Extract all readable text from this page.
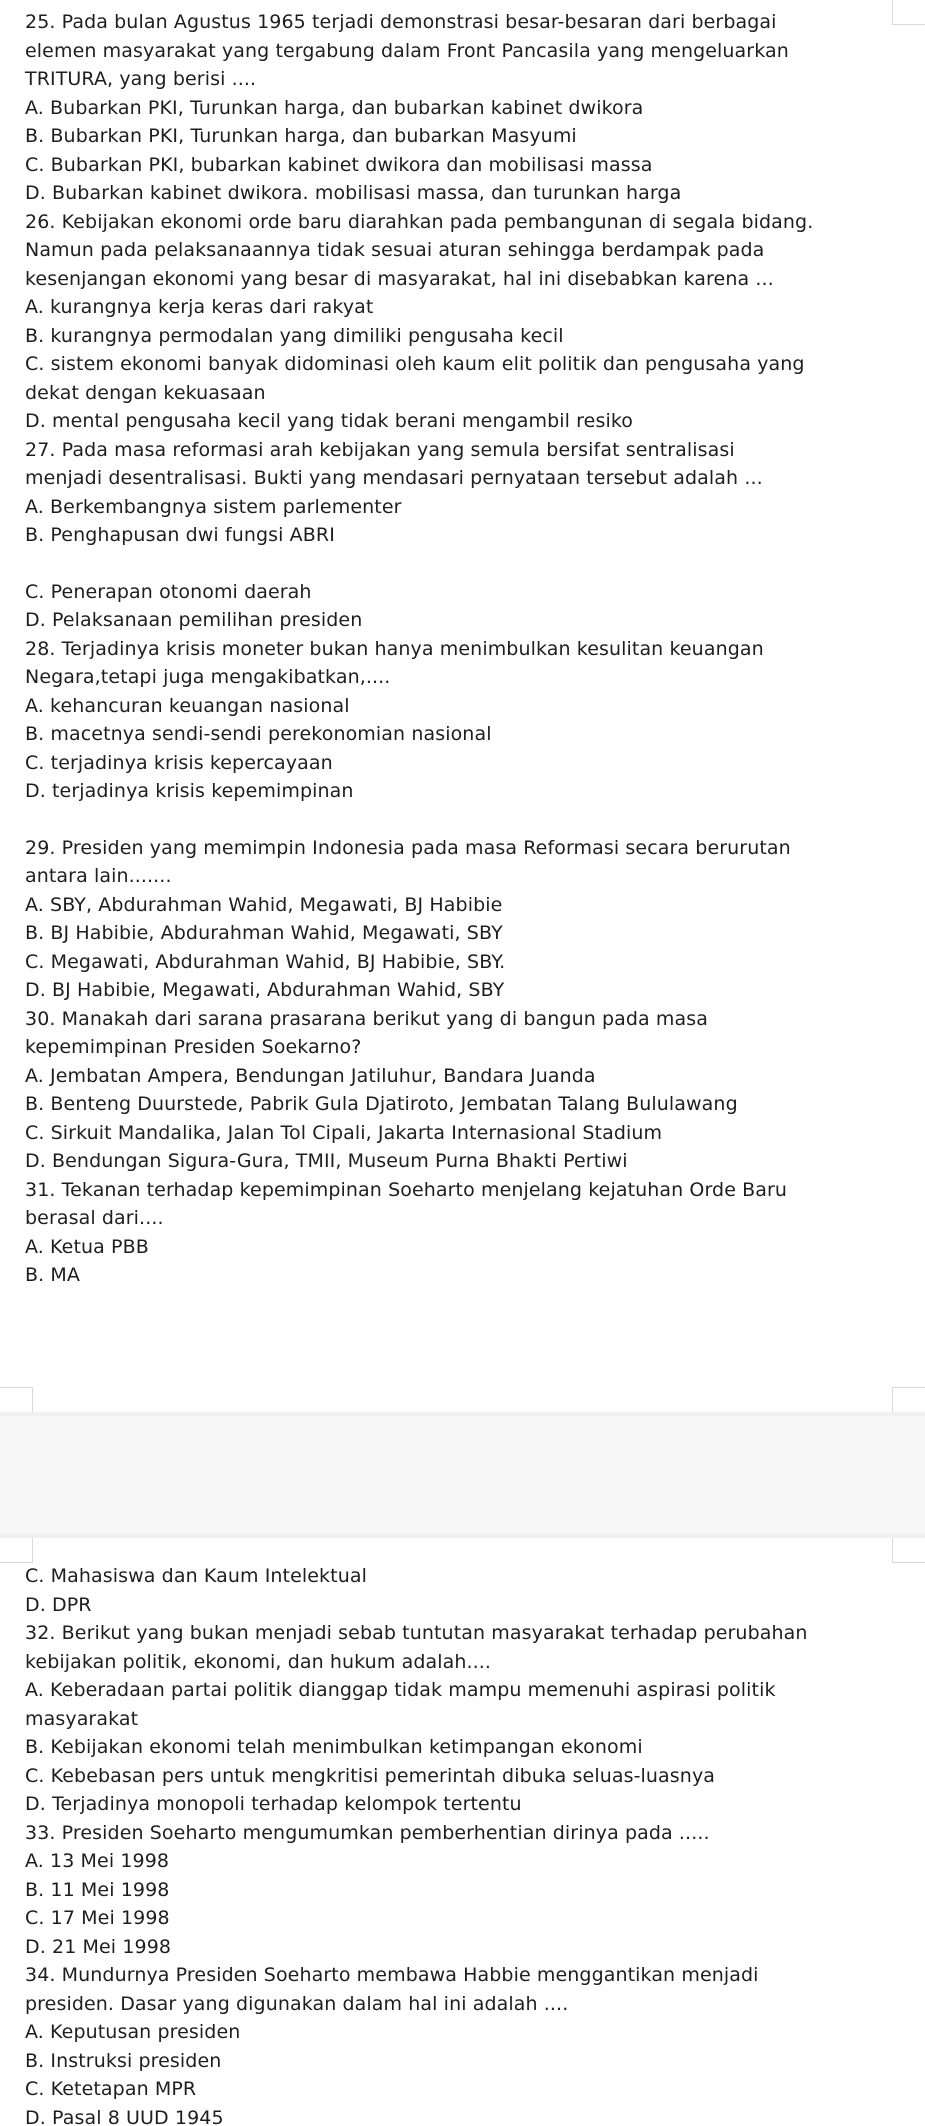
25. Pada bulan Agustus 1965 terjadi demonstrasi besar-besaran dari berbagai
elemen masyarakat yang tergabung dalam Front Pancasila yang mengeluarkan
TRITURA, yang berisi ....
A. Bubarkan PKI, Turunkan harga, dan bubarkan kabinet dwikora
B. Bubarkan PKI, Turunkan harga, dan bubarkan Masyumi
C. Bubarkan PKI, bubarkan kabinet dwikora dan mobilisasi massa
D. Bubarkan kabinet dwikora. mobilisasi massa, dan turunkan harga
26. Kebijakan ekonomi orde baru diarahkan pada pembangunan di segala bidang.
Namun pada pelaksanaannya tidak sesuai aturan sehingga berdampak pada
kesenjangan ekonomi yang besar di masyarakat, hal ini disebabkan karena ...
A. kurangnya kerja keras dari rakyat
B. kurangnya permodalan yang dimiliki pengusaha kecil
C. sistem ekonomi banyak didominasi oleh kaum elit politik dan pengusaha yang
dekat dengan kekuasaan
D. mental pengusaha kecil yang tidak berani mengambil resiko
27. Pada masa reformasi arah kebijakan yang semula bersifat sentralisasi
menjadi desentralisasi. Bukti yang mendasari pernyataan tersebut adalah ...
A. Berkembangnya sistem parlementer
B. Penghapusan dwi fungsi ABRI
C. Penerapan otonomi daerah
D. Pelaksanaan pemilihan presiden
28. Terjadinya krisis moneter bukan hanya menimbulkan kesulitan keuangan
Negara,tetapi juga mengakibatkan,....
A. kehancuran keuangan nasional
B. macetnya sendi-sendi perekonomian nasional
C. terjadinya krisis kepercayaan
D. terjadinya krisis kepemimpinan
29. Presiden yang memimpin Indonesia pada masa Reformasi secara berurutan
antara lain.......
A. SBY, Abdurahman Wahid, Megawati, BJ Habibie
B. BJ Habibie, Abdurahman Wahid, Megawati, SBY
C. Megawati, Abdurahman Wahid, BJ Habibie, SBY.
D. BJ Habibie, Megawati, Abdurahman Wahid, SBY
30. Manakah dari sarana prasarana berikut yang di bangun pada masa
kepemimpinan Presiden Soekarno?
A. Jembatan Ampera, Bendungan Jatiluhur, Bandara Juanda
B. Benteng Duurstede, Pabrik Gula Djatiroto, Jembatan Talang Bululawang
C. Sirkuit Mandalika, Jalan Tol Cipali, Jakarta Internasional Stadium
D. Bendungan Sigura-Gura, TMII, Museum Purna Bhakti Pertiwi
31. Tekanan terhadap kepemimpinan Soeharto menjelang kejatuhan Orde Baru
berasal dari....
A. Ketua PBB
B. MA
C. Mahasiswa dan Kaum Intelektual
D. DPR
32. Berikut yang bukan menjadi sebab tuntutan masyarakat terhadap perubahan
kebijakan politik, ekonomi, dan hukum adalah....
A. Keberadaan partai politik dianggap tidak mampu memenuhi aspirasi politik
masyarakat
B. Kebijakan ekonomi telah menimbulkan ketimpangan ekonomi
C. Kebebasan pers untuk mengkritisi pemerintah dibuka seluas-luasnya
D. Terjadinya monopoli terhadap kelompok tertentu
33. Presiden Soeharto mengumumkan pemberhentian dirinya pada .....
A. 13 Mei 1998
B. 11 Mei 1998
C. 17 Mei 1998
D. 21 Mei 1998
34. Mundurnya Presiden Soeharto membawa Habbie menggantikan menjadi
presiden. Dasar yang digunakan dalam hal ini adalah ....
A. Keputusan presiden
B. Instruksi presiden
C. Ketetapan MPR
D. Pasal 8 UUD 1945
